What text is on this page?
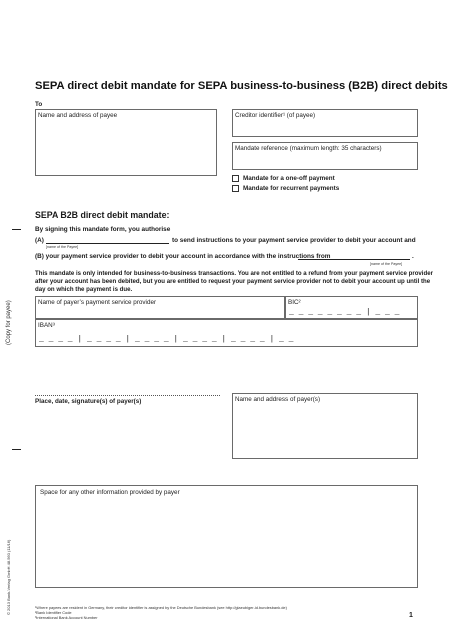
SEPA direct debit mandate for SEPA business-to-business (B2B) direct debits
To
Name and address of payee	Creditor identifier¹ (of payee)
Mandate reference (maximum length: 35 characters)
Mandate for a one-off payment
Mandate for recurrent payments
SEPA B2B direct debit mandate:
By signing this mandate form, you authorise
(A)	to send instructions to your payment service provider to debit your account and
[name of the Payee]
(B) your payment service provider to debit your account in accordance with the instructions from	.
[name of the Payee]
This mandate is only intended for business-to-business transactions. You are not entitled to a refund from your payment service provider
after your account has been debited, but you are entitled to request your payment service provider not to debit your account up until the
day on which the payment is due.
(Copy for payee)
© 2013 Bank-Verlag GmbH 48.560 (11/16)
Name of payer’s payment service provider	BIC²
_ _ _ _ _ _ _ _ | _ _ _
IBAN³
_ _ _ _ | _ _ _ _ | _ _ _ _ | _ _ _ _ | _ _ _ _ | _ _
Place, date, signature(s) of payer(s)	Name and address of payer(s)
Space for any other information provided by payer
¹Where payees are resident in Germany, their creditor identifier is assigned by the Deutsche Bundesbank (see http://glaeubiger-id.bundesbank.de)
²Bank Identifier Code
³International Bank Account Number	1
